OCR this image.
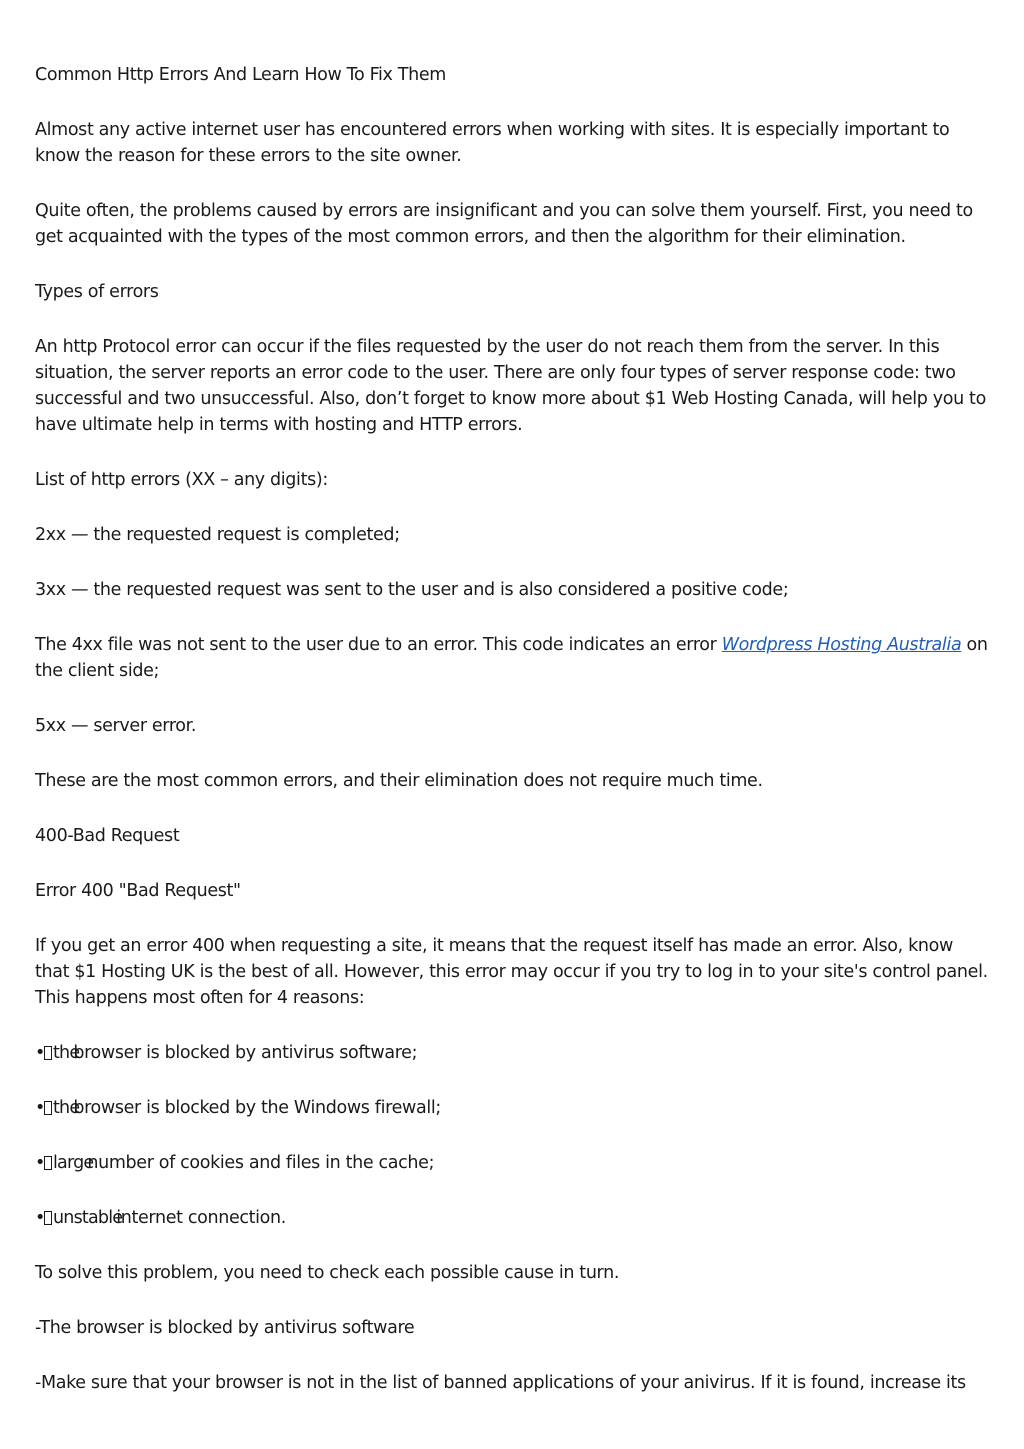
Common Http Errors And Learn How To Fix Them

Almost any active internet user has encountered errors when working with sites. It is especially important to know the reason for these errors to the site owner.

Quite often, the problems caused by errors are insignificant and you can solve them yourself. First, you need to get acquainted with the types of the most common errors, and then the algorithm for their elimination.

Types of errors

An http Protocol error can occur if the files requested by the user do not reach them from the server. In this situation, the server reports an error code to the user. There are only four types of server response code: two successful and two unsuccessful. Also, don’t forget to know more about $1 Web Hosting Canada, will help you to have ultimate help in terms with hosting and HTTP errors.

List of http errors (XX – any digits):

2xx — the requested request is completed;

3xx — the requested request was sent to the user and is also considered a positive code;

The 4xx file was not sent to the user due to an error. This code indicates an error Wordpress Hosting Australia on the client side;

5xx — server error.

These are the most common errors, and their elimination does not require much time.

400-Bad Request

Error 400 "Bad Request"

If you get an error 400 when requesting a site, it means that the request itself has made an error. Also, know that $1 Hosting UK is the best of all. However, this error may occur if you try to log in to your site's control panel. This happens most often for 4 reasons:

• thebrowser is blocked by antivirus software;
• thebrowser is blocked by the Windows firewall;
• largenumber of cookies and files in the cache;
• unstableinternet connection.

To solve this problem, you need to check each possible cause in turn.

-The browser is blocked by antivirus software

-Make sure that your browser is not in the list of banned applications of your anivirus. If it is found, increase its
